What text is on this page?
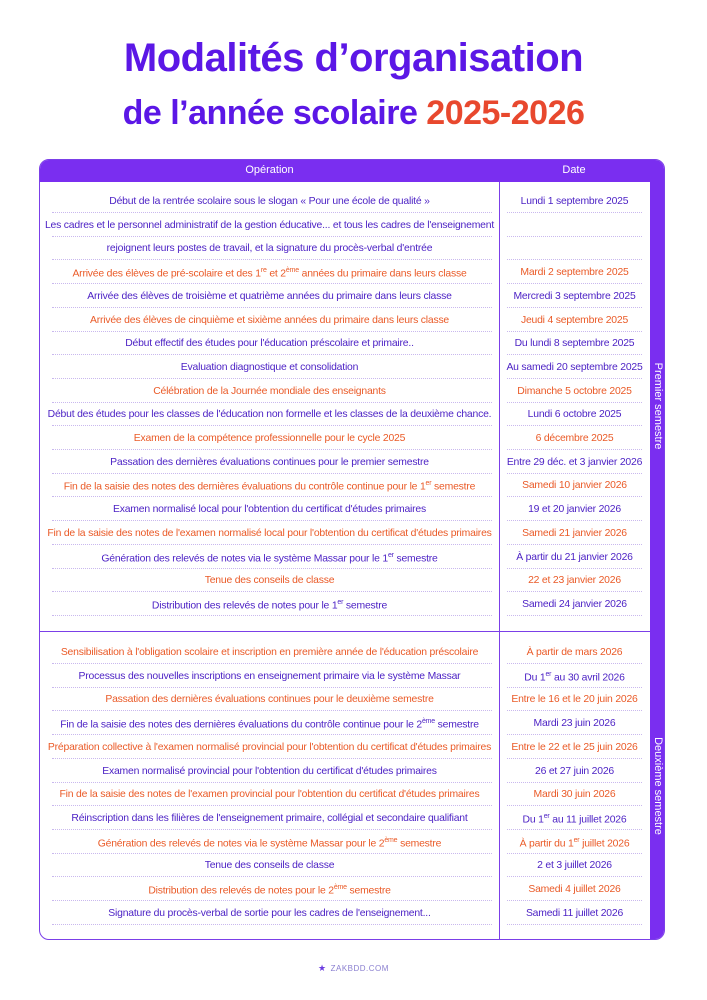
Modalités d’organisation
de l’année scolaire 2025-2026
Opération	Date
Premier semestre
Deuxième semestre
Début de la rentrée scolaire sous le slogan « Pour une école de qualité »	Lundi 1 septembre 2025
Les cadres et le personnel administratif de la gestion éducative... et tous les cadres de l'enseignement
rejoignent leurs postes de travail, et la signature du procès-verbal d'entrée
Arrivée des élèves de pré-scolaire et des 1re et 2ème années du primaire dans leurs classe	Mardi 2 septembre 2025
Arrivée des élèves de troisième et quatrième années du primaire dans leurs classe	Mercredi 3 septembre 2025
Arrivée des élèves de cinquième et sixième années du primaire dans leurs classe	Jeudi 4 septembre 2025
Début effectif des études pour l'éducation préscolaire et primaire..	Du lundi 8 septembre 2025
Evaluation diagnostique et consolidation	Au samedi 20 septembre 2025
Célébration de la Journée mondiale des enseignants	Dimanche 5 octobre 2025
Début des études pour les classes de l'éducation non formelle et les classes de la deuxième chance.	Lundi 6 octobre 2025
Examen de la compétence professionnelle pour le cycle 2025	6 décembre 2025
Passation des dernières évaluations continues pour le premier semestre	Entre 29 déc. et 3 janvier 2026
Fin de la saisie des notes des dernières évaluations du contrôle continue pour le 1er semestre	Samedi 10 janvier 2026
Examen normalisé local pour l'obtention du certificat d'études primaires	19 et 20 janvier 2026
Fin de la saisie des notes de l'examen normalisé local pour l'obtention du certificat d'études primaires	Samedi 21 janvier 2026
Génération des relevés de notes via le système Massar pour le 1er semestre	À partir du 21 janvier 2026
Tenue des conseils de classe	22 et 23 janvier 2026
Distribution des relevés de notes pour le 1er semestre	Samedi 24 janvier 2026
Sensibilisation à l'obligation scolaire et inscription en première année de l'éducation préscolaire	À partir de mars 2026
Processus des nouvelles inscriptions en enseignement primaire via le système Massar	Du 1er au 30 avril 2026
Passation des dernières évaluations continues pour le deuxième semestre	Entre le 16 et le 20 juin 2026
Fin de la saisie des notes des dernières évaluations du contrôle continue pour le 2ème semestre	Mardi 23 juin 2026
Préparation collective à l'examen normalisé provincial pour l'obtention du certificat d'études primaires	Entre le 22 et le 25 juin 2026
Examen normalisé provincial pour l'obtention du certificat d'études primaires	26 et 27 juin 2026
Fin de la saisie des notes de l'examen provincial pour l'obtention du certificat d'études primaires	Mardi 30 juin 2026
Réinscription dans les filières de l'enseignement primaire, collégial et secondaire qualifiant	Du 1er au 11 juillet 2026
Génération des relevés de notes via le système Massar pour le 2ème semestre	À partir du 1er juillet 2026
Tenue des conseils de classe	2 et 3 juillet 2026
Distribution des relevés de notes pour le 2ème semestre	Samedi 4 juillet 2026
Signature du procès-verbal de sortie pour les cadres de l'enseignement...	Samedi 11 juillet 2026
★ ZAKBDD.COM
